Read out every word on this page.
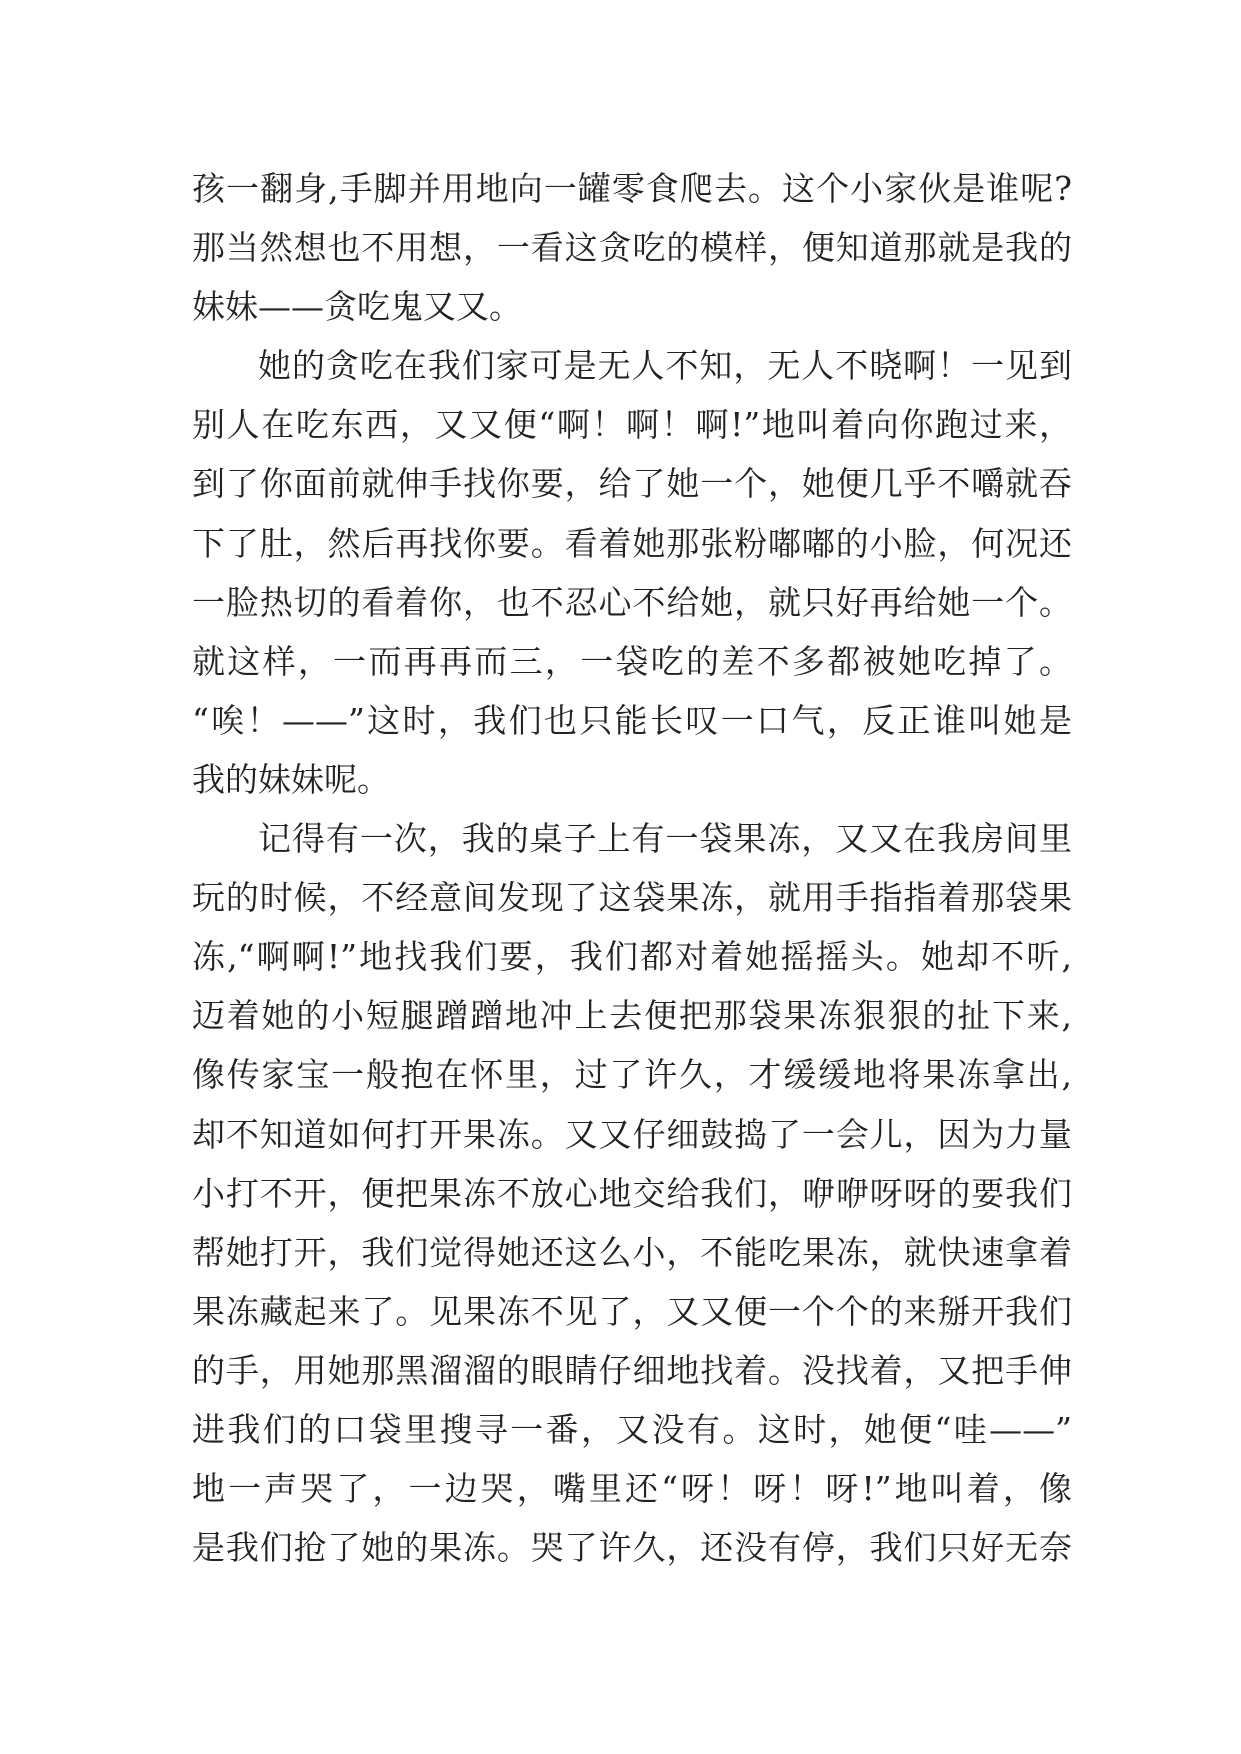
孩一翻身,手脚并用地向一罐零食爬去。这个小家伙是谁呢?
那当然想也不用想，一看这贪吃的模样，便知道那就是我的
妹妹——贪吃鬼又又。
她的贪吃在我们家可是无人不知，无人不晓啊！一见到
别人在吃东西，又又便“啊！啊！啊!”地叫着向你跑过来，
到了你面前就伸手找你要，给了她一个，她便几乎不嚼就吞
下了肚，然后再找你要。看着她那张粉嘟嘟的小脸，何况还
一脸热切的看着你，也不忍心不给她，就只好再给她一个。
就这样，一而再再而三，一袋吃的差不多都被她吃掉了。
“唉！——”这时，我们也只能长叹一口气，反正谁叫她是
我的妹妹呢。
记得有一次，我的桌子上有一袋果冻，又又在我房间里
玩的时候，不经意间发现了这袋果冻，就用手指指着那袋果
冻,“啊啊!”地找我们要，我们都对着她摇摇头。她却不听,
迈着她的小短腿蹭蹭地冲上去便把那袋果冻狠狠的扯下来,
像传家宝一般抱在怀里，过了许久，才缓缓地将果冻拿出,
却不知道如何打开果冻。又又仔细鼓捣了一会儿，因为力量
小打不开，便把果冻不放心地交给我们，咿咿呀呀的要我们
帮她打开，我们觉得她还这么小，不能吃果冻，就快速拿着
果冻藏起来了。见果冻不见了，又又便一个个的来掰开我们
的手，用她那黑溜溜的眼睛仔细地找着。没找着，又把手伸
进我们的口袋里搜寻一番，又没有。这时，她便“哇——”
地一声哭了，一边哭，嘴里还“呀！呀！呀!”地叫着，像
是我们抢了她的果冻。哭了许久，还没有停，我们只好无奈
